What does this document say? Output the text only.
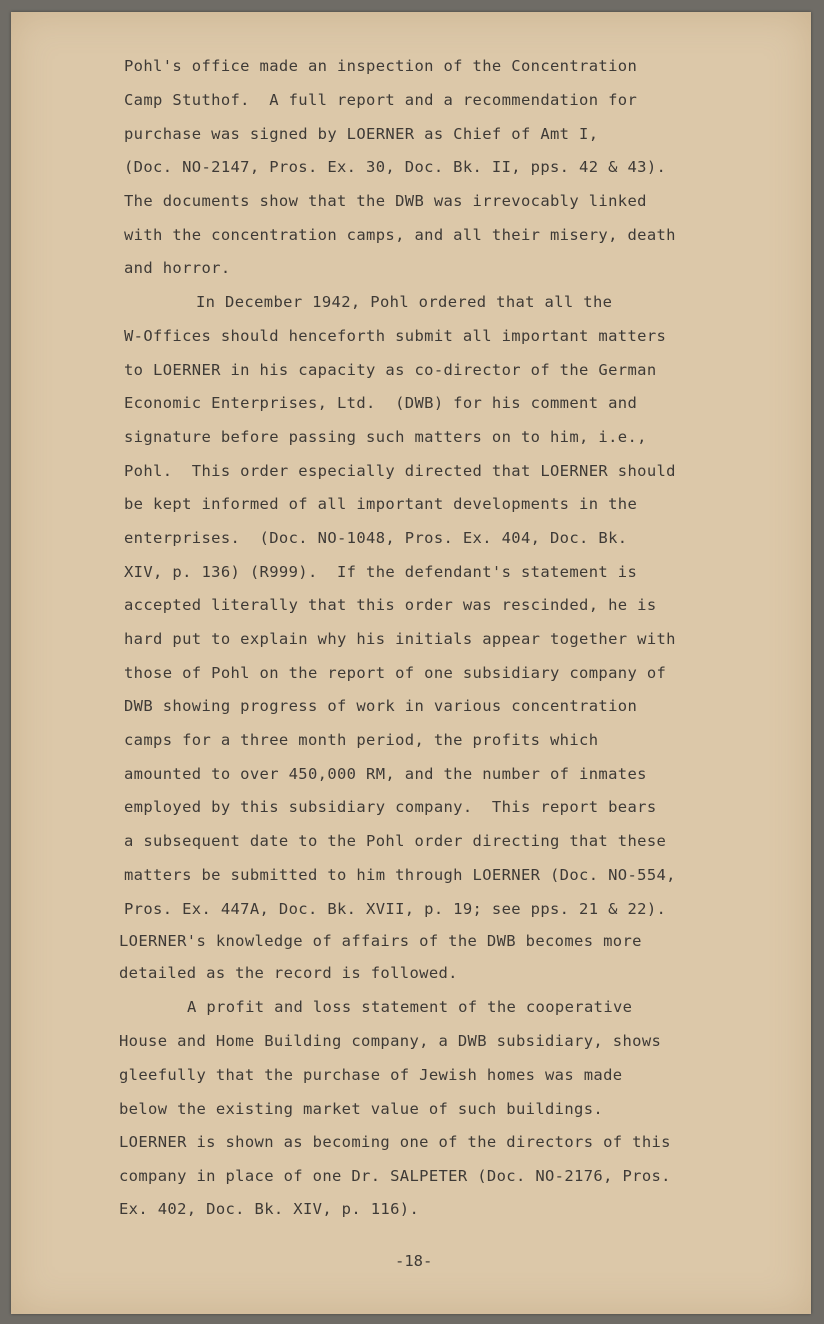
Pohl's office made an inspection of the Concentration
Camp Stuthof.  A full report and a recommendation for
purchase was signed by LOERNER as Chief of Amt I,
(Doc. NO-2147, Pros. Ex. 30, Doc. Bk. II, pps. 42 & 43).
The documents show that the DWB was irrevocably linked
with the concentration camps, and all their misery, death
and horror.
In December 1942, Pohl ordered that all the
W-Offices should henceforth submit all important matters
to LOERNER in his capacity as co-director of the German
Economic Enterprises, Ltd.  (DWB) for his comment and
signature before passing such matters on to him, i.e.,
Pohl.  This order especially directed that LOERNER should
be kept informed of all important developments in the
enterprises.  (Doc. NO-1048, Pros. Ex. 404, Doc. Bk.
XIV, p. 136) (R999).  If the defendant's statement is
accepted literally that this order was rescinded, he is
hard put to explain why his initials appear together with
those of Pohl on the report of one subsidiary company of
DWB showing progress of work in various concentration
camps for a three month period, the profits which
amounted to over 450,000 RM, and the number of inmates
employed by this subsidiary company.  This report bears
a subsequent date to the Pohl order directing that these
matters be submitted to him through LOERNER (Doc. NO-554,
Pros. Ex. 447A, Doc. Bk. XVII, p. 19; see pps. 21 & 22).
LOERNER's knowledge of affairs of the DWB becomes more
detailed as the record is followed.
A profit and loss statement of the cooperative
House and Home Building company, a DWB subsidiary, shows
gleefully that the purchase of Jewish homes was made
below the existing market value of such buildings.
LOERNER is shown as becoming one of the directors of this
company in place of one Dr. SALPETER (Doc. NO-2176, Pros.
Ex. 402, Doc. Bk. XIV, p. 116).
-18-
